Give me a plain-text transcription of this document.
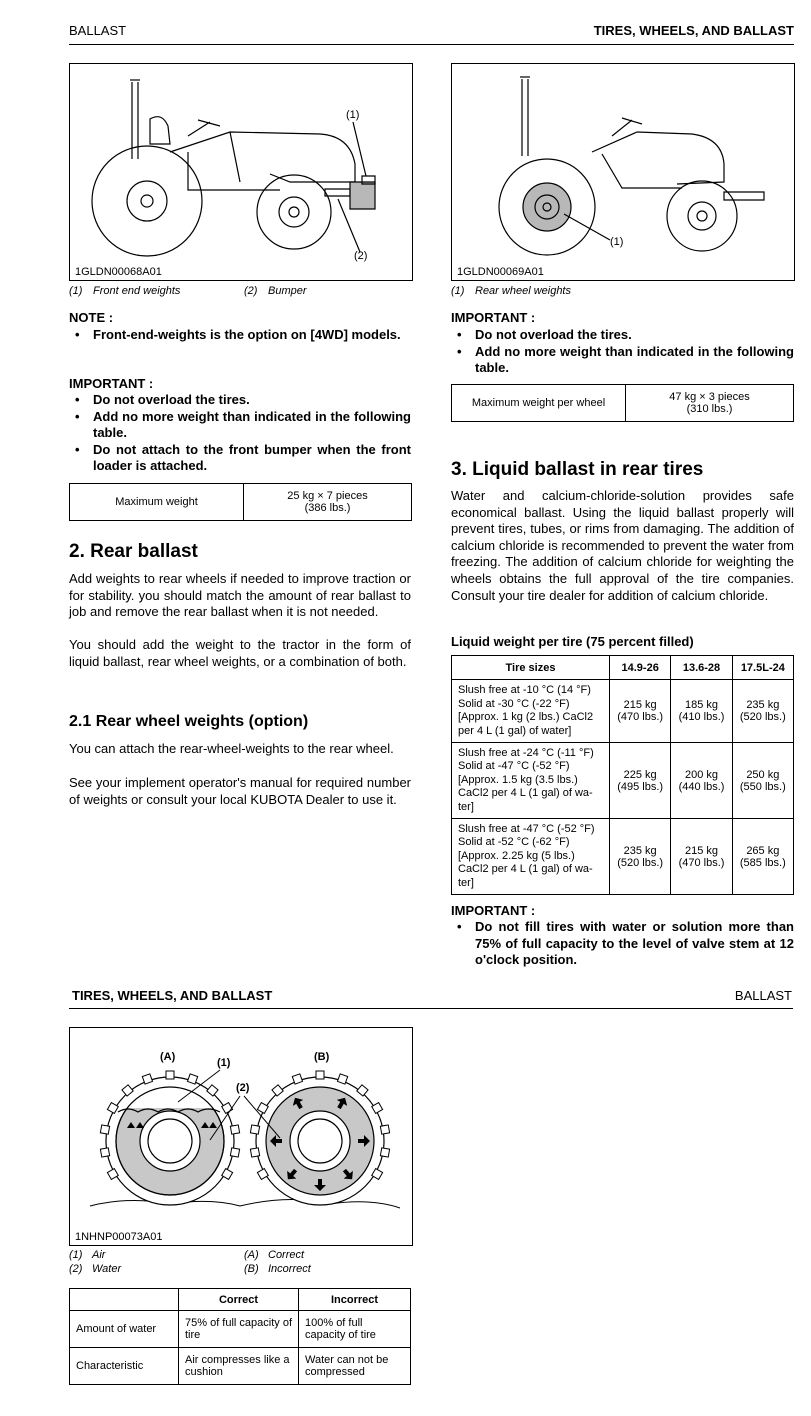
BALLAST	TIRES, WHEELS, AND BALLAST
(1)
(2)
1GLDN00068A01
(1) Front end weights	(2) Bumper
NOTE :
• Front-end-weights is the option on [4WD] models.
IMPORTANT :
• Do not overload the tires.
• Add no more weight than indicated in the following table.
• Do not attach to the front bumper when the front loader is attached.
Maximum weight	25 kg × 7 pieces
(386 lbs.)
2. Rear ballast
Add weights to rear wheels if needed to improve traction or for stability. you should match the amount of rear ballast to job and remove the rear ballast when it is not needed.
You should add the weight to the tractor in the form of liquid ballast, rear wheel weights, or a combination of both.
2.1 Rear wheel weights (option)
You can attach the rear-wheel-weights to the rear wheel.
See your implement operator's manual for required number of weights or consult your local KUBOTA Dealer to use it.
(1)
1GLDN00069A01
(1) Rear wheel weights
IMPORTANT :
• Do not overload the tires.
• Add no more weight than indicated in the following table.
Maximum weight per wheel	47 kg × 3 pieces
(310 lbs.)
3. Liquid ballast in rear tires
Water and calcium-chloride-solution provides safe economical ballast. Using the liquid ballast properly will prevent tires, tubes, or rims from damaging. The addition of calcium chloride is recommended to prevent the water from freezing. The addition of calcium chloride for weighting the wheels obtains the full approval of the tire companies. Consult your tire dealer for addition of calcium chloride.
Liquid weight per tire (75 percent filled)
Tire sizes	14.9-26	13.6-28	17.5L-24
Slush free at -10 °C (14 °F)
Solid at -30 °C (-22 °F)
[Approx. 1 kg (2 lbs.) CaCl2
per 4 L (1 gal) of water]	215 kg
(470 lbs.)	185 kg
(410 lbs.)	235 kg
(520 lbs.)
Slush free at -24 °C (-11 °F)
Solid at -47 °C (-52 °F)
[Approx. 1.5 kg (3.5 lbs.)
CaCl2 per 4 L (1 gal) of wa-
ter]	225 kg
(495 lbs.)	200 kg
(440 lbs.)	250 kg
(550 lbs.)
Slush free at -47 °C (-52 °F)
Solid at -52 °C (-62 °F)
[Approx. 2.25 kg (5 lbs.)
CaCl2 per 4 L (1 gal) of wa-
ter]	235 kg
(520 lbs.)	215 kg
(470 lbs.)	265 kg
(585 lbs.)
IMPORTANT :
• Do not fill tires with water or solution more than 75% of full capacity to the level of valve stem at 12 o'clock position.
TIRES, WHEELS, AND BALLAST	BALLAST
(A)	(B)
(1)
(2)
1NHNP00073A01
(1) Air
(2) Water
(A) Correct
(B) Incorrect
	Correct	Incorrect
Amount of water	75% of full capacity of tire	100% of full capacity of tire
Characteristic	Air compresses like a cushion	Water can not be compressed
